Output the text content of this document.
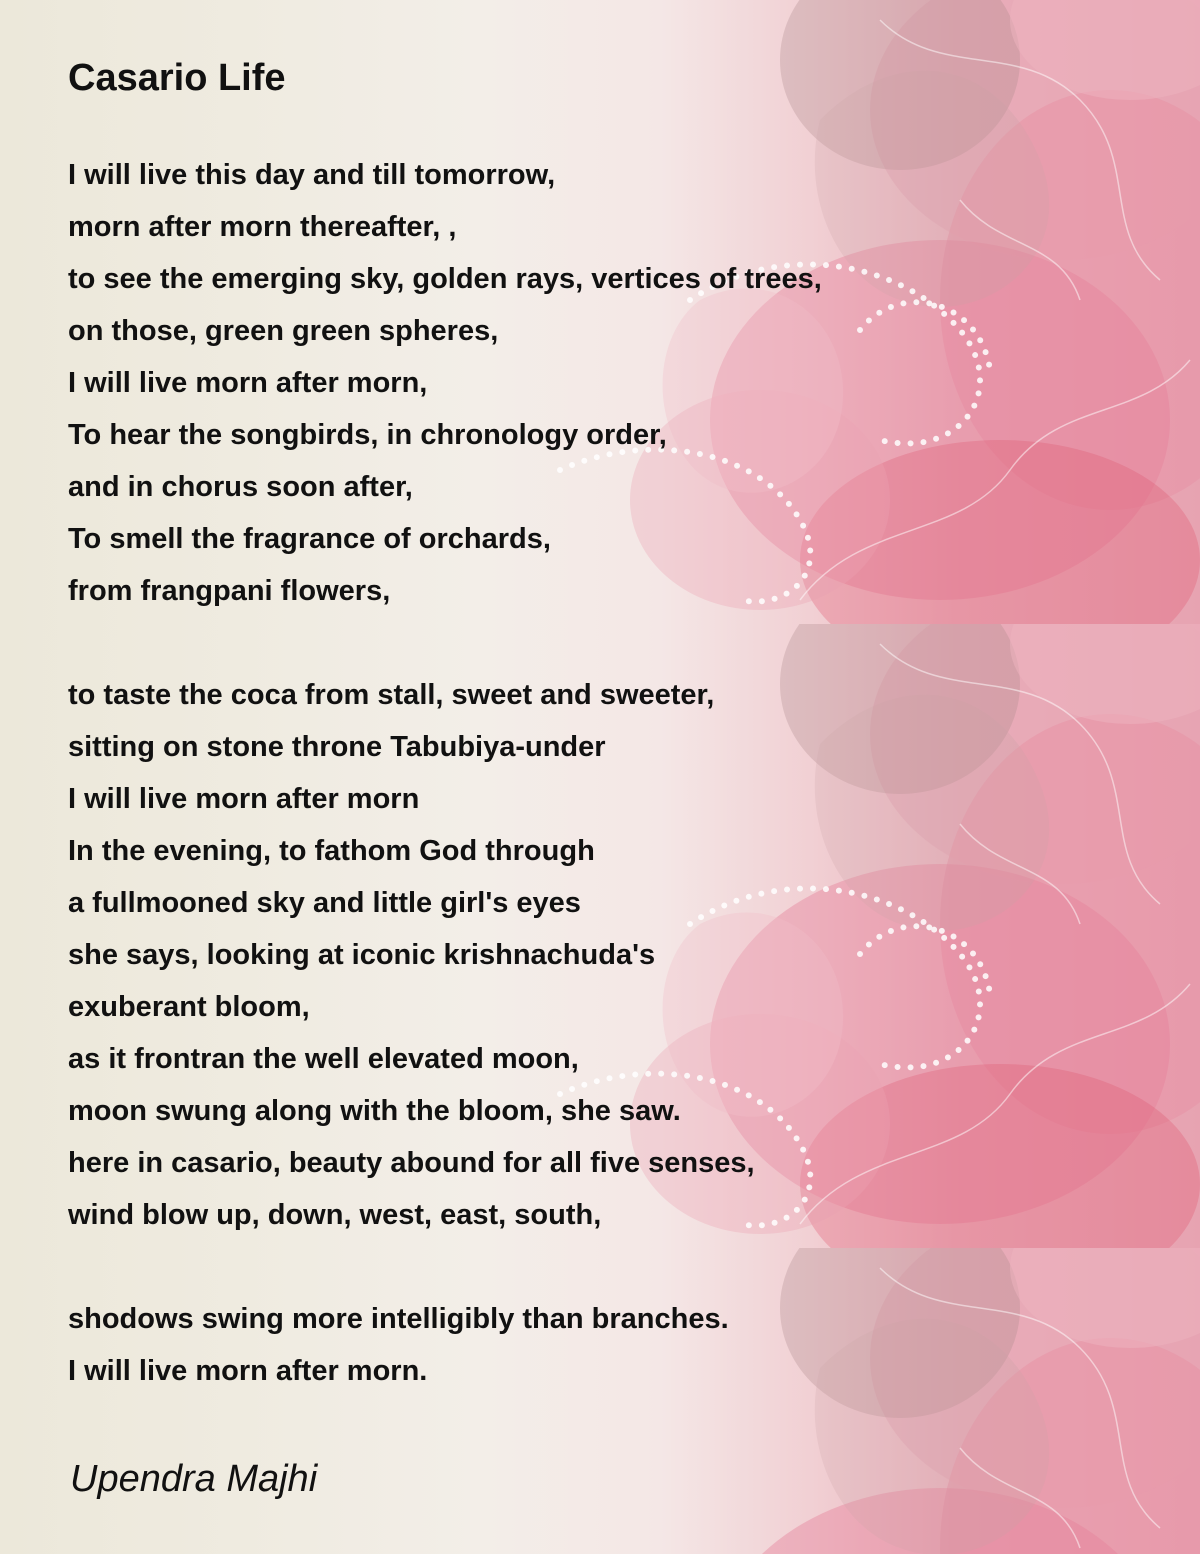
Casario Life
I will live this day and till tomorrow,
morn after morn thereafter, ,
to see the emerging sky, golden rays, vertices of trees,
on those, green green spheres,
I will live morn after morn,
To hear the songbirds, in chronology order,
and in chorus soon after,
To smell the fragrance of orchards,
from frangpani flowers,
to taste the coca from stall, sweet and sweeter,
sitting on stone throne Tabubiya-under
I will live morn after morn
In the evening, to fathom God through
a fullmooned sky and little girl's eyes
she says, looking at iconic krishnachuda's
exuberant bloom,
as it frontran the well elevated moon,
moon swung along with the bloom, she saw.
here in casario, beauty abound for all five senses,
wind blow up, down, west, east, south,
shodows swing more intelligibly than branches.
I will live morn after morn.

Upendra Majhi
